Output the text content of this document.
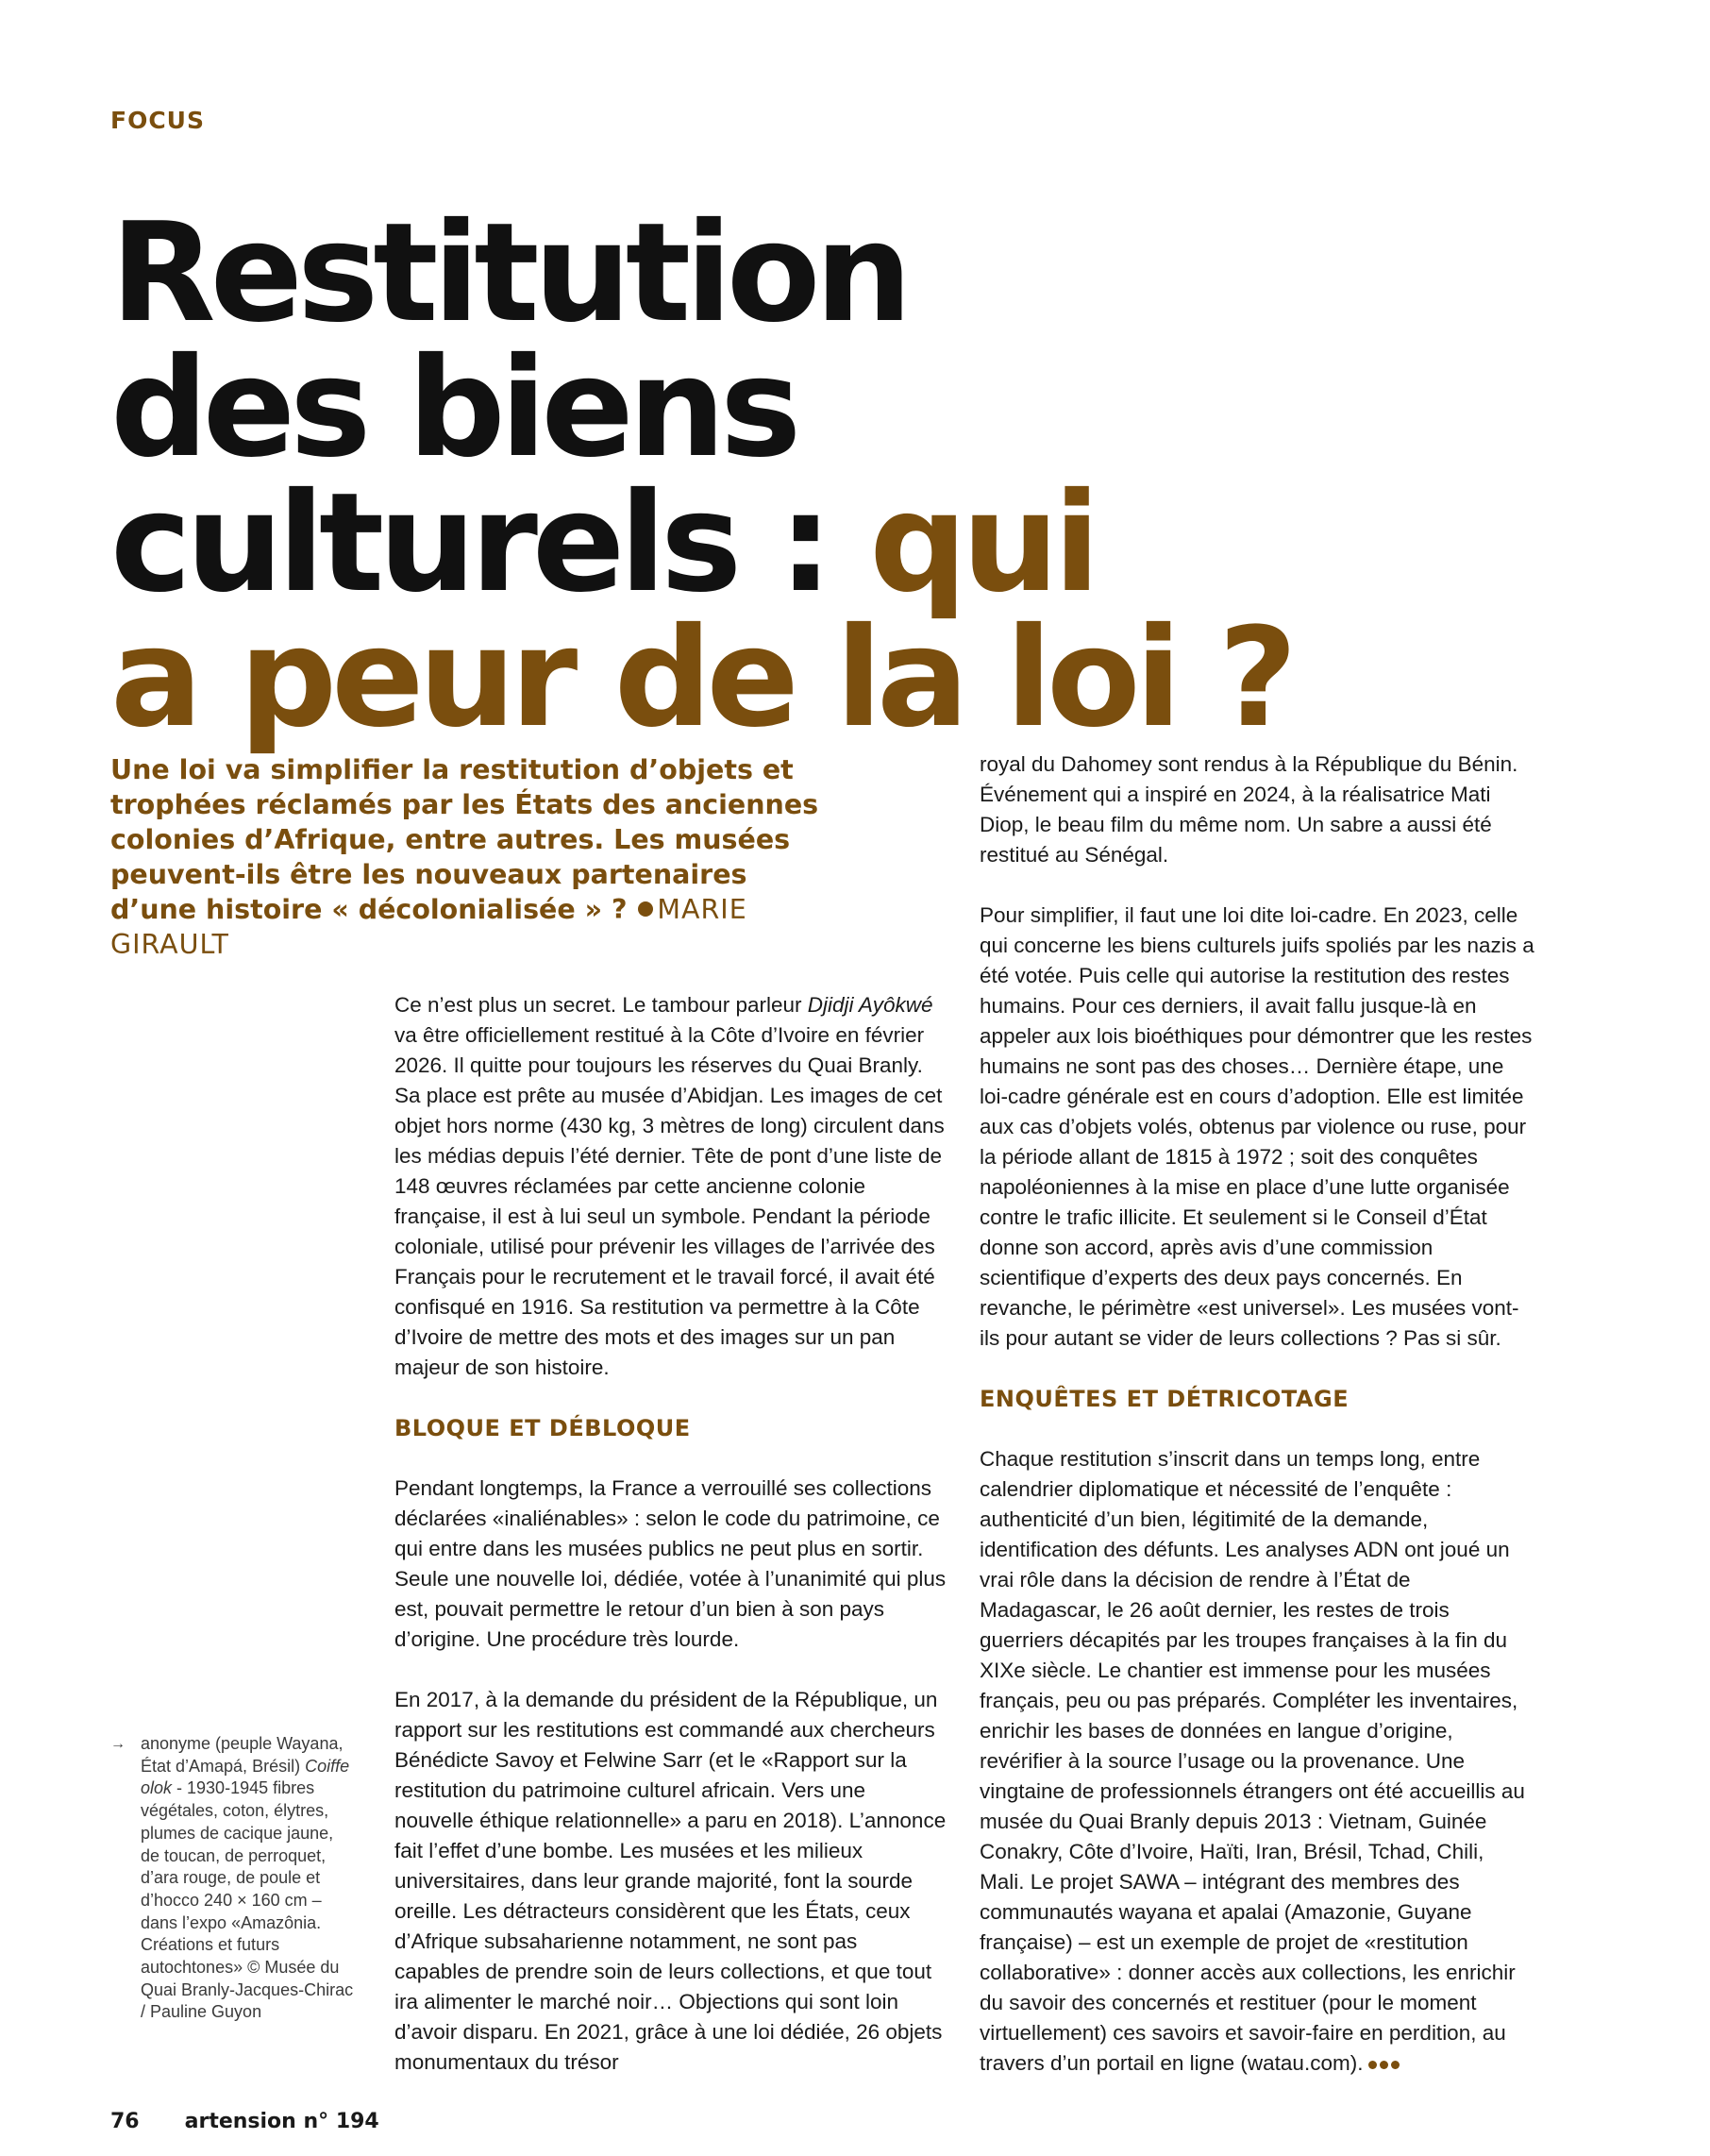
FOCUS
Restitution
des biens
culturels : qui
a peur de la loi ?

Une loi va simplifier la restitution d’objets et trophées réclamés par les États des anciennes colonies d’Afrique, entre autres. Les musées peuvent-ils être les nouveaux partenaires d’une histoire « décolonialisée » ? MARIE GIRAULT

Ce n’est plus un secret. Le tambour parleur Djidji Ayôkwé va être officiellement restitué à la Côte d’Ivoire en février 2026. Il quitte pour toujours les réserves du Quai Branly. Sa place est prête au musée d’Abidjan. Les images de cet objet hors norme (430 kg, 3 mètres de long) circulent dans les médias depuis l’été dernier. Tête de pont d’une liste de 148 œuvres réclamées par cette ancienne colonie française, il est à lui seul un symbole. Pendant la période coloniale, utilisé pour prévenir les villages de l’arrivée des Français pour le recrutement et le travail forcé, il avait été confisqué en 1916. Sa restitution va permettre à la Côte d’Ivoire de mettre des mots et des images sur un pan majeur de son histoire.

BLOQUE ET DÉBLOQUE

Pendant longtemps, la France a verrouillé ses collections déclarées «inaliénables» : selon le code du patrimoine, ce qui entre dans les musées publics ne peut plus en sortir. Seule une nouvelle loi, dédiée, votée à l’unanimité qui plus est, pouvait permettre le retour d’un bien à son pays d’origine. Une procédure très lourde.

En 2017, à la demande du président de la République, un rapport sur les restitutions est commandé aux chercheurs Bénédicte Savoy et Felwine Sarr (et le «Rapport sur la restitution du patrimoine culturel africain. Vers une nouvelle éthique relationnelle» a paru en 2018). L’annonce fait l’effet d’une bombe. Les musées et les milieux universitaires, dans leur grande majorité, font la sourde oreille. Les détracteurs considèrent que les États, ceux d’Afrique subsaharienne notamment, ne sont pas capables de prendre soin de leurs collections, et que tout ira alimenter le marché noir… Objections qui sont loin d’avoir disparu. En 2021, grâce à une loi dédiée, 26 objets monumentaux du trésor

royal du Dahomey sont rendus à la République du Bénin. Événement qui a inspiré en 2024, à la réalisatrice Mati Diop, le beau film du même nom. Un sabre a aussi été restitué au Sénégal.

Pour simplifier, il faut une loi dite loi-cadre. En 2023, celle qui concerne les biens culturels juifs spoliés par les nazis a été votée. Puis celle qui autorise la restitution des restes humains. Pour ces derniers, il avait fallu jusque-là en appeler aux lois bioéthiques pour démontrer que les restes humains ne sont pas des choses… Dernière étape, une loi-cadre générale est en cours d’adoption. Elle est limitée aux cas d’objets volés, obtenus par violence ou ruse, pour la période allant de 1815 à 1972 ; soit des conquêtes napoléoniennes à la mise en place d’une lutte organisée contre le trafic illicite. Et seulement si le Conseil d’État donne son accord, après avis d’une commission scientifique d’experts des deux pays concernés. En revanche, le périmètre «est universel». Les musées vont-ils pour autant se vider de leurs collections ? Pas si sûr.

ENQUÊTES ET DÉTRICOTAGE

Chaque restitution s’inscrit dans un temps long, entre calendrier diplomatique et nécessité de l’enquête : authenticité d’un bien, légitimité de la demande, identification des défunts. Les analyses ADN ont joué un vrai rôle dans la décision de rendre à l’État de Madagascar, le 26 août dernier, les restes de trois guerriers décapités par les troupes françaises à la fin du XIXe siècle. Le chantier est immense pour les musées français, peu ou pas préparés. Compléter les inventaires, enrichir les bases de données en langue d’origine, revérifier à la source l’usage ou la provenance. Une vingtaine de professionnels étrangers ont été accueillis au musée du Quai Branly depuis 2013 : Vietnam, Guinée Conakry, Côte d’Ivoire, Haïti, Iran, Brésil, Tchad, Chili, Mali. Le projet SAWA – intégrant des membres des communautés wayana et apalai (Amazonie, Guyane française) – est un exemple de projet de «restitution collaborative» : donner accès aux collections, les enrichir du savoir des concernés et restituer (pour le moment virtuellement) ces savoirs et savoir-faire en perdition, au travers d’un portail en ligne (watau.com).

→ anonyme (peuple Wayana, État d’Amapá, Brésil) Coiffe olok - 1930-1945 fibres végétales, coton, élytres, plumes de cacique jaune, de toucan, de perroquet, d’ara rouge, de poule et d’hocco 240 × 160 cm – dans l’expo «Amazônia. Créations et futurs autochtones» © Musée du Quai Branly-Jacques-Chirac / Pauline Guyon
76 artension n° 194
